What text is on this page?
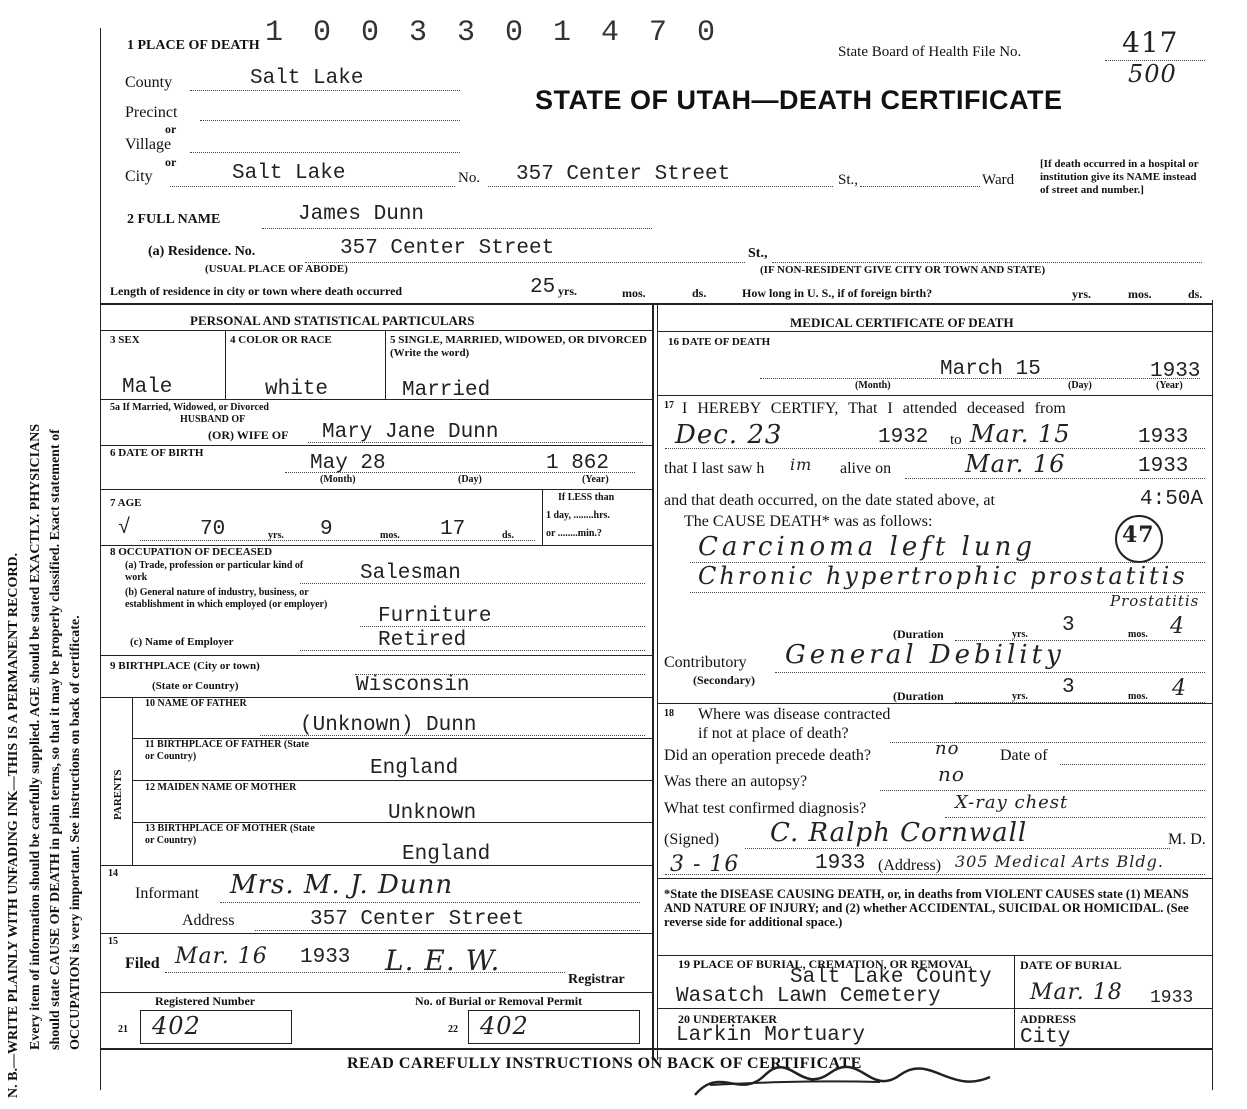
N. B.—WRITE PLAINLY WITH UNFADING INK—THIS IS A PERMANENT RECORD. Every item of information should be carefully supplied. AGE should be stated EXACTLY. PHYSICIANS should state CAUSE OF DEATH in plain terms, so that it may be properly classified. Exact statement of OCCUPATION is very important. See instructions on back of certificate.
1 0 0 3 3 0 1 4 7 0
State Board of Health File No.	417
500
STATE OF UTAH—DEATH CERTIFICATE
1 PLACE OF DEATH
County	Salt Lake
Precinct
or
Village
or
City	Salt Lake	No. 357 Center Street	St.,	Ward
[If death occurred in a hospital or institution give its NAME instead of street and number.]
2 FULL NAME	James Dunn
(a) Residence. No.	357 Center Street	St.,
(USUAL PLACE OF ABODE)	(IF NON-RESIDENT GIVE CITY OR TOWN AND STATE)
Length of residence in city or town where death occurred	25 yrs.	mos.	ds.	How long in U. S., if of foreign birth?	yrs.	mos.	ds.
PERSONAL AND STATISTICAL PARTICULARS
3 SEX
Male
4 COLOR OR RACE
white
5 SINGLE, MARRIED, WIDOWED, OR DIVORCED (Write the word)
Married
5a If Married, Widowed, or Divorced
HUSBAND OF
(OR) WIFE OF Mary Jane Dunn
6 DATE OF BIRTH	May 28	1 862
(Month)	(Day)	(Year)
7 AGE
√	70	yrs. 9	mos. 17	ds.
If LESS than
1 day, ........hrs.
or ........min.?
8 OCCUPATION OF DECEASED
(a) Trade, profession or particular kind of work	Salesman
(b) General nature of industry, business, or establishment in which employed (or employer)
Furniture
(c) Name of Employer	Retired
9 BIRTHPLACE (City or town)
(State or Country)	Wisconsin
PARENTS
10 NAME OF FATHER
(Unknown) Dunn
11 BIRTHPLACE OF FATHER (State or Country)
England
12 MAIDEN NAME OF MOTHER
Unknown
13 BIRTHPLACE OF MOTHER (State or Country)
England
14
Informant Mrs. M. J. Dunn
Address	357 Center Street
15
Filed Mar. 16 1933 L. E. W.
Registrar
Registered Number	No. of Burial or Removal Permit
21 402	22 402
MEDICAL CERTIFICATE OF DEATH
16 DATE OF DEATH
March 15	1933
(Month)	(Day)	(Year)
17 I HEREBY CERTIFY, That I attended deceased from
Dec. 23	1932 to Mar. 15	1933
that I last saw h im alive on	Mar. 16	1933
and that death occurred, on the date stated above, at	4:50A
The CAUSE DEATH* was as follows:
Carcinoma left lung	47
Chronic hypertrophic prostatitis
Prostatitis
(Duration	yrs. 3	mos. 4
Contributory
(Secondary)
General Debility
(Duration	yrs. 3	mos. 4
18 Where was disease contracted
if not at place of death?
Did an operation precede death?	no	Date of
Was there an autopsy?	no
What test confirmed diagnosis?	X-ray chest
(Signed) C. Ralph Cornwall	M. D.
3 - 16	1933 (Address) 305 Medical Arts Bldg.
*State the DISEASE CAUSING DEATH, or, in deaths from VIOLENT CAUSES state (1) MEANS AND NATURE OF INJURY; and (2) whether ACCIDENTAL, SUICIDAL OR HOMICIDAL. (See reverse side for additional space.)
19 PLACE OF BURIAL, CREMATION, OR REMOVAL
Salt Lake County
Wasatch Lawn Cemetery
DATE OF BURIAL
Mar. 18 1933
20 UNDERTAKER
Larkin Mortuary
ADDRESS
City
READ CAREFULLY INSTRUCTIONS ON BACK OF CERTIFICATE
